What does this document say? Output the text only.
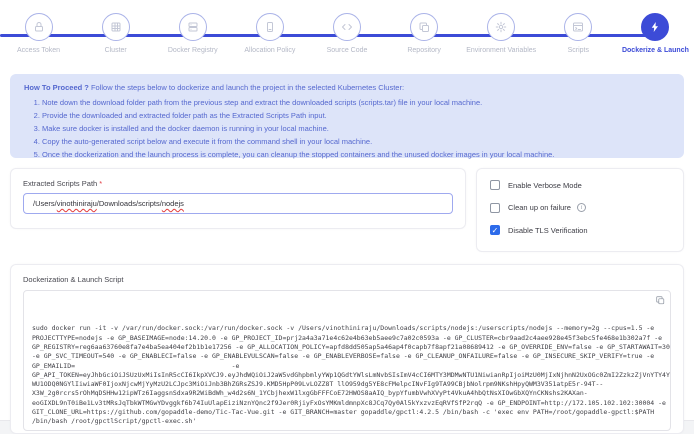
Access Token	Cluster	Docker Registry	Allocation Policy	Source Code	Repository	Environment Variables	Scripts	Dockerize & Launch
How To Proceed ? Follow the steps below to dockerize and launch the project in the selected Kubernetes Cluster:
1. Note down the download folder path from the previous step and extract the downloaded scripts (scripts.tar) file in your local machine.
2. Provide the downloaded and extracted folder path as the Extracted Scripts Path input.
3. Make sure docker is installed and the docker daemon is running in your local machine.
4. Copy the auto-generated script below and execute it from the command shell in your local machine.
5. Once the dockerization and the launch process is complete, you can cleanup the stopped containers and the unused docker images in your local machine.
Extracted Scripts Path *
/Users/ vinothiniraju /Downloads/scripts/ nodejs
Enable Verbose Mode
Clean up on failure	i
✓ Disable TLS Verification
Dockerization & Launch Script

sudo docker run -it -v /var/run/docker.sock:/var/run/docker.sock -v /Users/vinothiniraju/Downloads/scripts/nodejs:/userscripts/nodejs --memory=2g --cpus=1.5 -e
PROJECTTYPE=nodejs -e GP_BASEIMAGE=node:14.20.0 -e GP_PROJECT_ID=prj2a4a3a71e4c62e4b63eb5aee9c7a02c0593a -e GP_CLUSTER=cbr9aad2c4aee928e45f3ebc5fe468e1b302a7f -e
GP_REGISTRY=reg6aa63760e8fa7e4ba5ea404ef2b1b1e17256 -e GP_ALLOCATION_POLICY=apfd8dd505ap5a46ap4f0capb7f8apf21a08689412 -e GP_OVERRIDE_ENV=false -e GP_STARTAWAIT=30
-e GP_SVC_TIMEOUT=540 -e GP_ENABLECI=false -e GP_ENABLEVULSCAN=false -e GP_ENABLEVERBOSE=false -e GP_CLEANUP_ONFAILURE=false -e GP_INSECURE_SKIP_VERIFY=true -e
GP_EMAILID=                                        -e
GP_API_TOKEN=eyJhbGciOiJSUzUxMiIsInR5cCI6IkpXVCJ9.eyJhdWQiOiJ2aW5vdGhpbmlyYWp1QGdtYWlsLmNvbSIsImV4cCI6MTY3MDMwNTU1NiwianRpIjoiMzU0MjIxNjhnN2UxOGc0ZmI2ZzkzZjVnYTY4Y
WU1ODQ0NGYlIiwiaWF0IjoxNjcwMjYyMzU2LCJpc3MiOiJnb3BhZGRsZSJ9.KMD5HpP09LvLOZZ8T llO959dg5YE8cFMelpcINvFIg9TA99CBjbNolrpm9NKshHpyQWM3V351atpE5r-94T--
X3W_2g0rcrs5rOhMqDSHHw12ipWTz6IaggsnSdxa9R2WiBdWh_w4d2s6N_1YCbjhexW1lxgGbFFFCoE72HWOS8aAIQ_bypYfumbVwhXVyPt4VkuA4hbQtNsXIOwGbXQYnCKNshs2KAXan-
eoGIXDL9nT0iBe1Lv3tMRsJqTbkWTMGwYDvggkf6b74IuUlapEiziNznYQnc2f9Jer0RjiyFxOsYMKmldmnpXc8JCq7Qy0Al5kYxzvzEqRVfSfP2rqQ -e GP_ENDPOINT=http://172.105.102.102:30004 -e
GIT_CLONE_URL=https://github.com/gopaddle-demo/Tic-Tac-Vue.git -e GIT_BRANCH=master gopaddle/gpctl:4.2.5 /bin/bash -c 'exec env PATH=/root/gopaddle-gpctl:$PATH
/bin/bash /root/gpctlScript/gpctl-exec.sh'
